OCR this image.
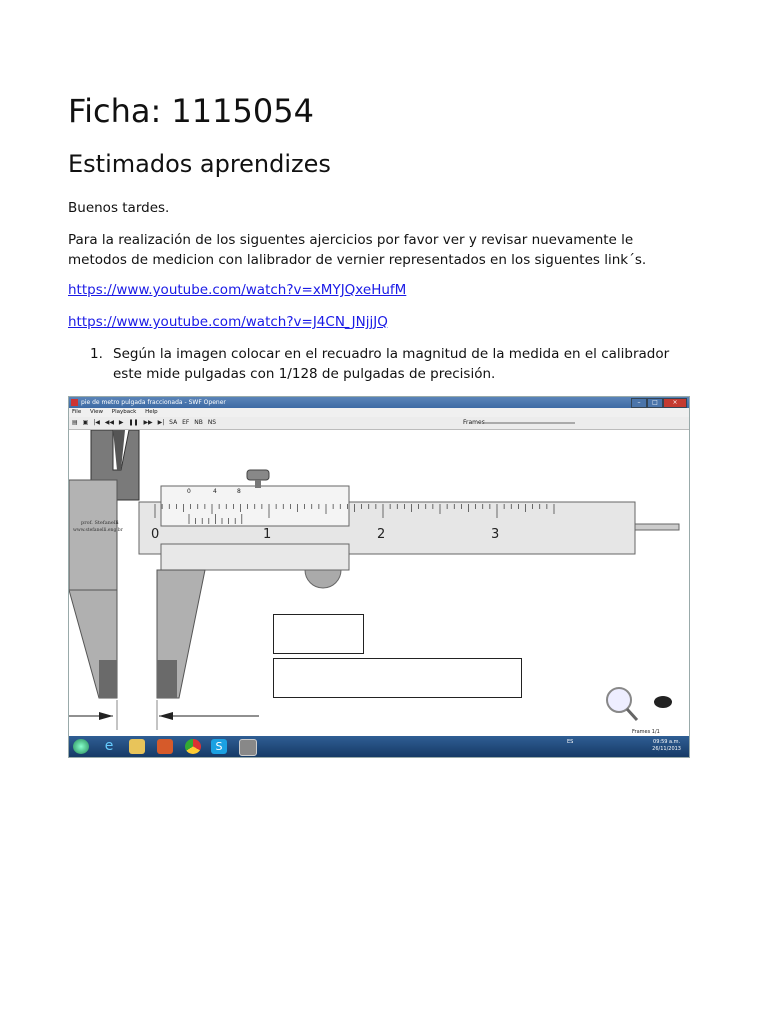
Ficha: 1115054
Estimados aprendizes

Buenos tardes.

Para la realización de los siguentes ajercicios por favor ver y revisar nuevamente le
metodos de medicion con lalibrador de vernier representados en los siguentes link´s.

https://www.youtube.com/watch?v=xMYJQxeHufM

https://www.youtube.com/watch?v=J4CN_JNjjJQ

1. Según la imagen colocar en el recuadro la magnitud de la medida en el calibrador
este mide pulgadas con 1/128 de pulgadas de precisión.
pie de metro pulgada fraccionada - SWF Opener	–	□	×
File View Playback Help
▤ ▣ |◀ ◀◀ ▶ ❚❚ ▶▶ ▶| SA EF NB NS	Frames
0	1	2	3
0	4	8
prof. Stefanelli
www.stefanelli.eng.br
Frames 1/1
e	S	ES	09:59 a.m.
26/11/2013
